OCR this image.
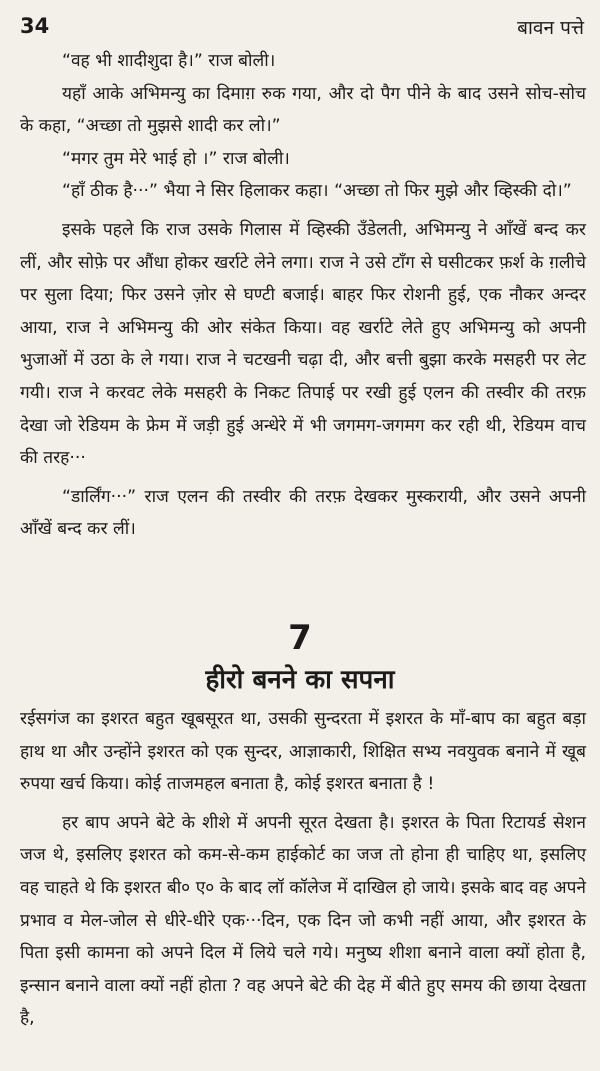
34	बावन पत्ते

“वह भी शादीशुदा है।” राज बोली।

यहाँ आके अभिमन्यु का दिमाग़ रुक गया, और दो पैग पीने के बाद उसने सोच-सोच के कहा, “अच्छा तो मुझसे शादी कर लो।”

“मगर तुम मेरे भाई हो ।” राज बोली।

“हाँ ठीक है···” भैया ने सिर हिलाकर कहा। “अच्छा तो फिर मुझे और व्हिस्की दो।”

इसके पहले कि राज उसके गिलास में व्हिस्की उँडेलती, अभिमन्यु ने आँखें बन्द कर लीं, और सोफ़े पर औंधा होकर खर्राटे लेने लगा। राज ने उसे टाँग से घसीटकर फ़र्श के ग़लीचे पर सुला दिया; फिर उसने ज़ोर से घण्टी बजाई। बाहर फिर रोशनी हुई, एक नौकर अन्दर आया, राज ने अभिमन्यु की ओर संकेत किया। वह खर्राटे लेते हुए अभिमन्यु को अपनी भुजाओं में उठा के ले गया। राज ने चटखनी चढ़ा दी, और बत्ती बुझा करके मसहरी पर लेट गयी। राज ने करवट लेके मसहरी के निकट तिपाई पर रखी हुई एलन की तस्वीर की तरफ़ देखा जो रेडियम के फ्रेम में जड़ी हुई अन्धेरे में भी जगमग-जगमग कर रही थी, रेडियम वाच की तरह···

“डार्लिंग···” राज एलन की तस्वीर की तरफ़ देखकर मुस्करायी, और उसने अपनी आँखें बन्द कर लीं।

7
हीरो बनने का सपना

रईसगंज का इशरत बहुत खूबसूरत था, उसकी सुन्दरता में इशरत के माँ-बाप का बहुत बड़ा हाथ था और उन्होंने इशरत को एक सुन्दर, आज्ञाकारी, शिक्षित सभ्य नवयुवक बनाने में खूब रुपया खर्च किया। कोई ताजमहल बनाता है, कोई इशरत बनाता है !

हर बाप अपने बेटे के शीशे में अपनी सूरत देखता है। इशरत के पिता रिटायर्ड सेशन जज थे, इसलिए इशरत को कम-से-कम हाईकोर्ट का जज तो होना ही चाहिए था, इसलिए वह चाहते थे कि इशरत बी० ए० के बाद लॉ कॉलेज में दाखिल हो जाये। इसके बाद वह अपने प्रभाव व मेल-जोल से धीरे-धीरे एक···दिन, एक दिन जो कभी नहीं आया, और इशरत के पिता इसी कामना को अपने दिल में लिये चले गये। मनुष्य शीशा बनाने वाला क्यों होता है, इन्सान बनाने वाला क्यों नहीं होता ? वह अपने बेटे की देह में बीते हुए समय की छाया देखता है,
